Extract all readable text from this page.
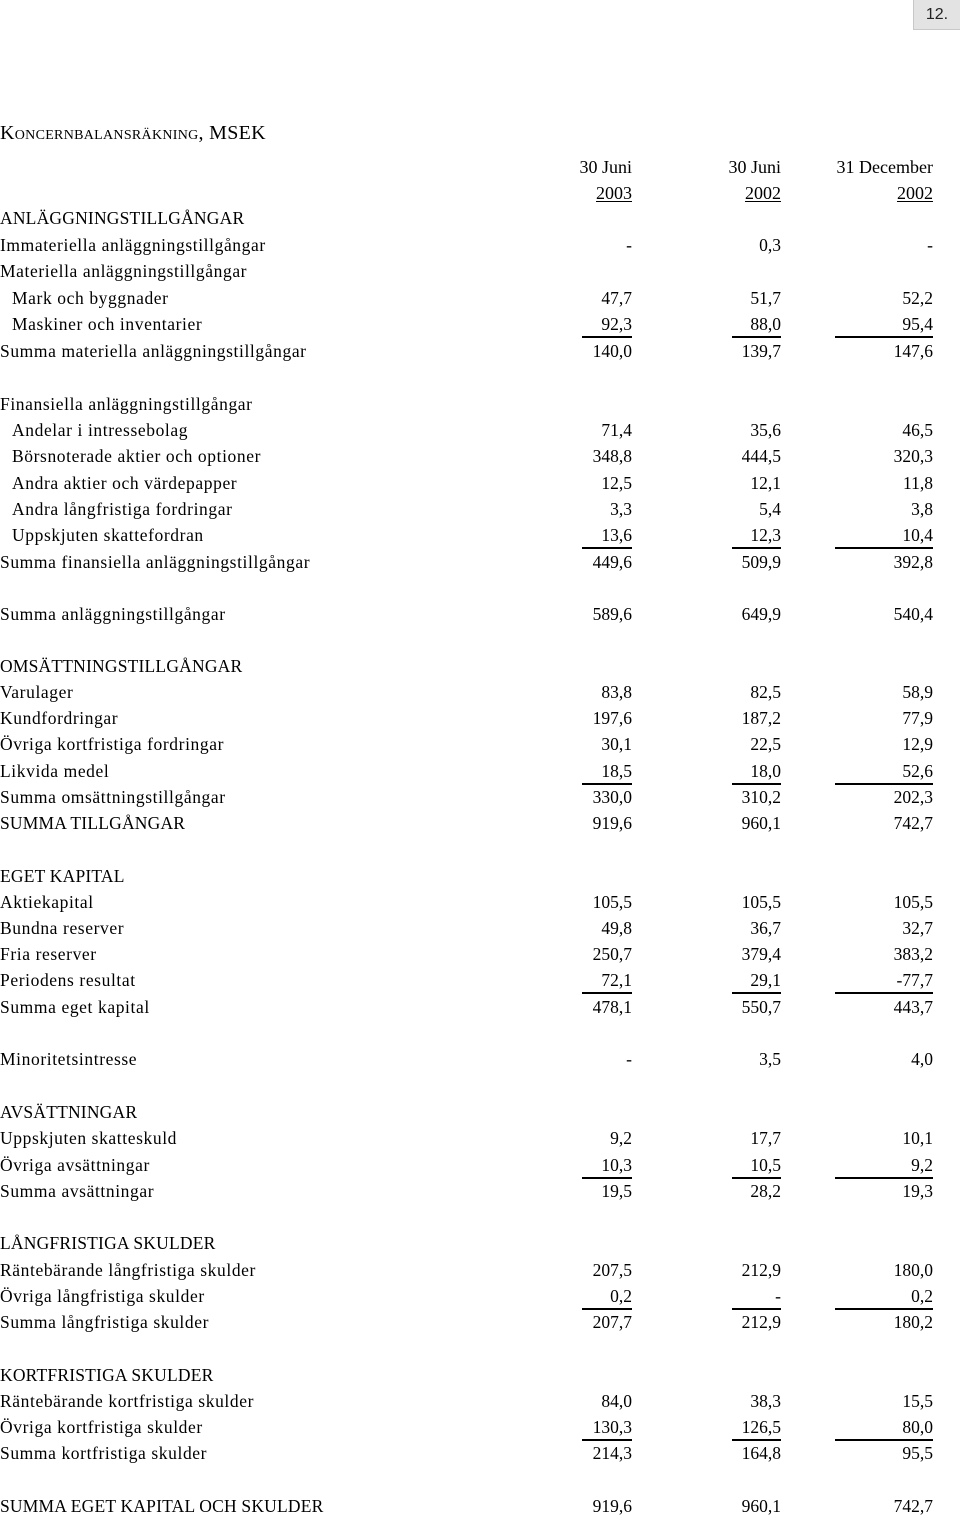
12.
Koncernbalansräkning, MSEK
30 Juni	30 Juni	31 December
2003	2002	2002
ANLÄGGNINGSTILLGÅNGAR
Immateriella anläggningstillgångar	-	0,3	-
Materiella anläggningstillgångar
Mark och byggnader	47,7	51,7	52,2
Maskiner och inventarier	92,3	88,0	95,4
Summa materiella anläggningstillgångar	140,0	139,7	147,6
Finansiella anläggningstillgångar
Andelar i intressebolag	71,4	35,6	46,5
Börsnoterade aktier och optioner	348,8	444,5	320,3
Andra aktier och värdepapper	12,5	12,1	11,8
Andra långfristiga fordringar	3,3	5,4	3,8
Uppskjuten skattefordran	13,6	12,3	10,4
Summa finansiella anläggningstillgångar	449,6	509,9	392,8
Summa anläggningstillgångar	589,6	649,9	540,4
OMSÄTTNINGSTILLGÅNGAR
Varulager	83,8	82,5	58,9
Kundfordringar	197,6	187,2	77,9
Övriga kortfristiga fordringar	30,1	22,5	12,9
Likvida medel	18,5	18,0	52,6
Summa omsättningstillgångar	330,0	310,2	202,3
SUMMA TILLGÅNGAR	919,6	960,1	742,7
EGET KAPITAL
Aktiekapital	105,5	105,5	105,5
Bundna reserver	49,8	36,7	32,7
Fria reserver	250,7	379,4	383,2
Periodens resultat	72,1	29,1	-77,7
Summa eget kapital	478,1	550,7	443,7
Minoritetsintresse	-	3,5	4,0
AVSÄTTNINGAR
Uppskjuten skatteskuld	9,2	17,7	10,1
Övriga avsättningar	10,3	10,5	9,2
Summa avsättningar	19,5	28,2	19,3
LÅNGFRISTIGA SKULDER
Räntebärande långfristiga skulder	207,5	212,9	180,0
Övriga långfristiga skulder	0,2	-	0,2
Summa långfristiga skulder	207,7	212,9	180,2
KORTFRISTIGA SKULDER
Räntebärande kortfristiga skulder	84,0	38,3	15,5
Övriga kortfristiga skulder	130,3	126,5	80,0
Summa kortfristiga skulder	214,3	164,8	95,5
SUMMA EGET KAPITAL OCH SKULDER	919,6	960,1	742,7
